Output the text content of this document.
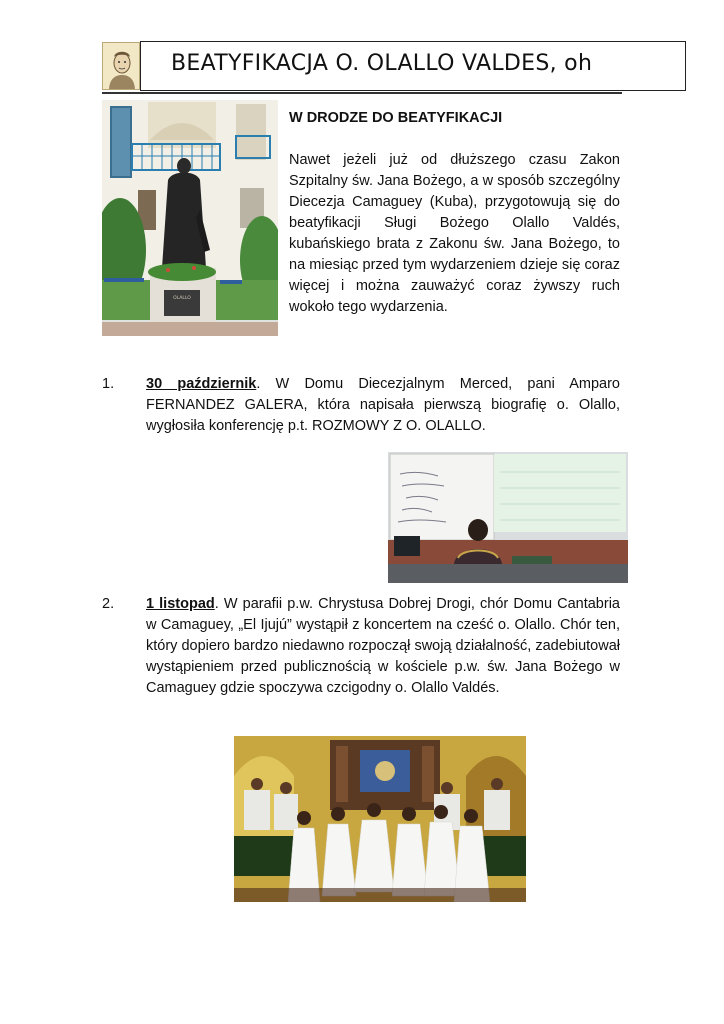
BEATYFIKACJA O. OLALLO VALDES, oh
OLALLO
W DRODZE DO BEATYFIKACJI

Nawet jeżeli już od dłuższego czasu Zakon Szpitalny św. Jana Bożego, a w sposób szczególny Diecezja Camaguey (Kuba), przygotowują się do beatyfikacji Sługi Bożego Olallo Valdés, kubańskiego brata z Zakonu św. Jana Bożego, to na miesiąc przed tym wydarzeniem dzieje się coraz więcej i można zauważyć coraz żywszy ruch wokoło tego wydarzenia.

1.	30 październik. W Domu Diecezjalnym Merced, pani Amparo FERNANDEZ GALERA, która napisała pierwszą biografię o. Olallo, wygłosiła konferencję p.t. ROZMOWY Z O. OLALLO.
2.	1 listopad. W parafii p.w. Chrystusa Dobrej Drogi, chór Domu Cantabria w Camaguey, „El Ijujú” wystąpił z koncertem na cześć o. Olallo. Chór ten, który dopiero bardzo niedawno rozpoczął swoją działalność, zadebiutował wystąpieniem przed publicznością w kościele p.w. św. Jana Bożego w Camaguey gdzie spoczywa czcigodny o. Olallo Valdés.
